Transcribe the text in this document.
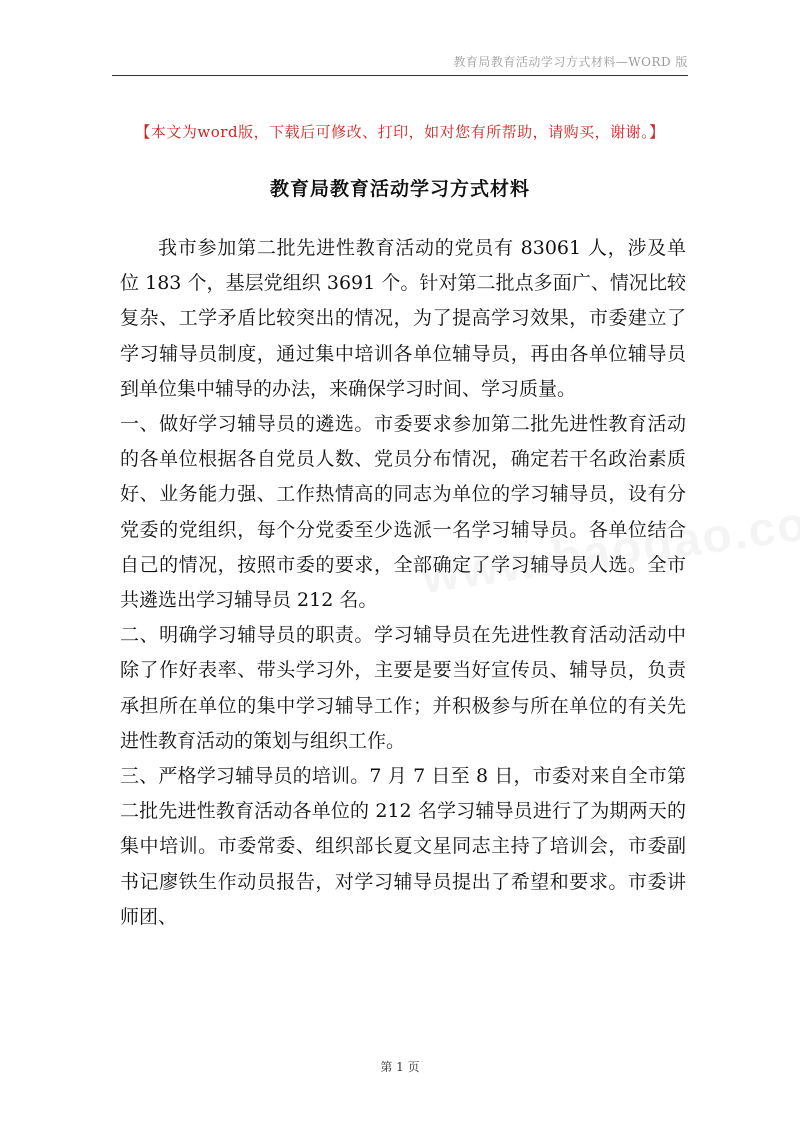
教育局教育活动学习方式材料—WORD 版
【本文为word版，下载后可修改、打印，如对您有所帮助，请购买，谢谢。】
教育局教育活动学习方式材料

我市参加第二批先进性教育活动的党员有 83061 人，涉及单位 183 个，基层党组织 3691 个。针对第二批点多面广、情况比较复杂、工学矛盾比较突出的情况，为了提高学习效果，市委建立了学习辅导员制度，通过集中培训各单位辅导员，再由各单位辅导员到单位集中辅导的办法，来确保学习时间、学习质量。

一、做好学习辅导员的遴选。市委要求参加第二批先进性教育活动的各单位根据各自党员人数、党员分布情况，确定若干名政治素质好、业务能力强、工作热情高的同志为单位的学习辅导员，设有分党委的党组织，每个分党委至少选派一名学习辅导员。各单位结合自己的情况，按照市委的要求，全部确定了学习辅导员人选。全市共遴选出学习辅导员 212 名。

二、明确学习辅导员的职责。学习辅导员在先进性教育活动活动中除了作好表率、带头学习外，主要是要当好宣传员、辅导员，负责承担所在单位的集中学习辅导工作；并积极参与所在单位的有关先进性教育活动的策划与组织工作。

三、严格学习辅导员的培训。7 月 7 日至 8 日，市委对来自全市第二批先进性教育活动各单位的 212 名学习辅导员进行了为期两天的集中培训。市委常委、组织部长夏文星同志主持了培训会，市委副书记廖铁生作动员报告，对学习辅导员提出了希望和要求。市委讲师团、

第 1 页
